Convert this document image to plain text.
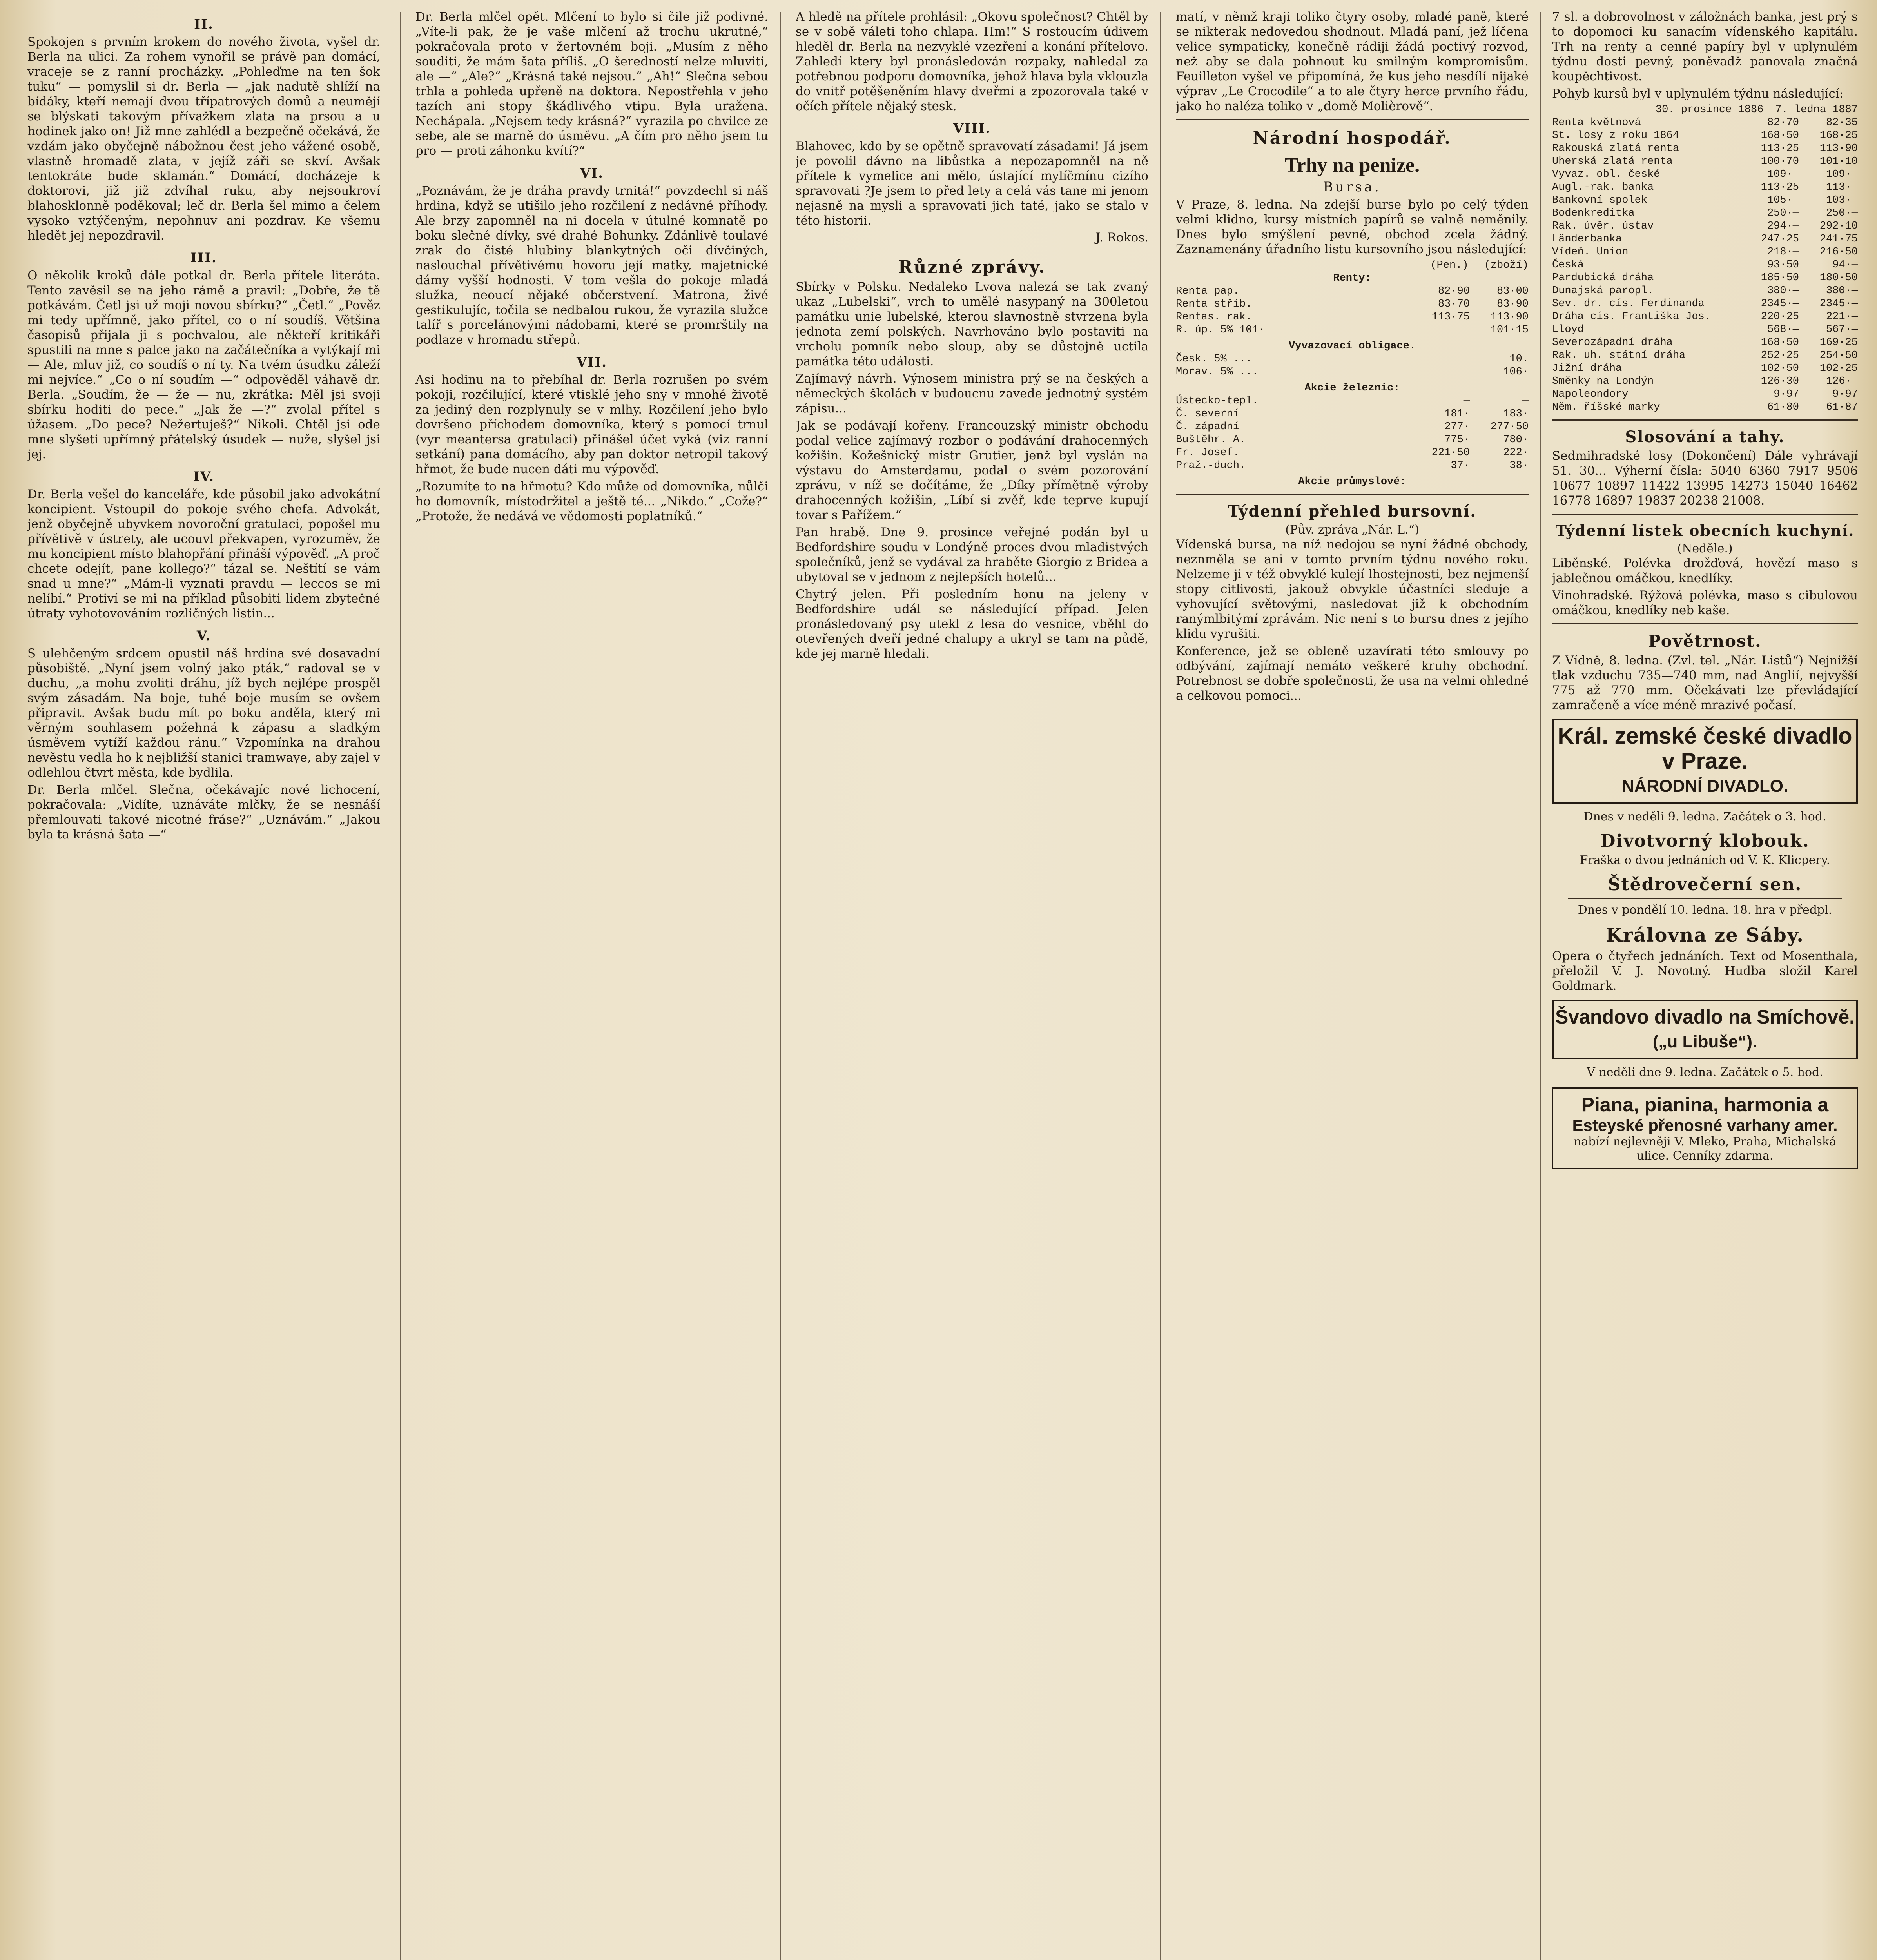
II.

Spokojen s prvním krokem do nového života, vyšel dr. Berla na ulici. Za rohem vynořil se právě pan domácí, vraceje se z ranní procházky. „Pohleďme na ten šok tuku“ — pomyslil si dr. Berla — „jak nadutě shlíží na bídáky, kteří nemají dvou třípatrových domů a neumějí se blýskati takovým přívažkem zlata na prsou a u hodinek jako on! Již mne zahlédl a bezpečně očekává, že vzdám jako obyčejně nábožnou čest jeho vážené osobě, vlastně hromadě zlata, v jejíž záři se skví. Avšak tentokráte bude sklamán.“ Domácí, docházeje k doktorovi, již již zdvíhal ruku, aby nejsoukroví blahosklonně poděkoval; leč dr. Berla šel mimo a čelem vysoko vztýčeným, nepohnuv ani pozdrav. Ke všemu hledět jej nepozdravil.

III.

O několik kroků dále potkal dr. Berla přítele literáta. Tento zavěsil se na jeho rámě a pravil: „Dobře, že tě potkávám. Četl jsi už moji novou sbírku?“ „Četl.“ „Pověz mi tedy upřímně, jako přítel, co o ní soudíš. Většina časopisů přijala ji s pochvalou, ale někteří kritikáři spustili na mne s palce jako na začátečníka a vytýkají mi — Ale, mluv již, co soudíš o ní ty. Na tvém úsudku záleží mi nejvíce.“ „Co o ní soudím —“ odpověděl váhavě dr. Berla. „Soudím, že — že — nu, zkrátka: Měl jsi svoji sbírku hoditi do pece.“ „Jak že —?“ zvolal přítel s úžasem. „Do pece? Nežertuješ?“ Nikoli. Chtěl jsi ode mne slyšeti upřímný přátelský úsudek — nuže, slyšel jsi jej.

IV.

Dr. Berla vešel do kanceláře, kde působil jako advokátní koncipient. Vstoupil do pokoje svého chefa. Advokát, jenž obyčejně ubyvkem novoroční gratulaci, popošel mu přívětivě v ústrety, ale ucouvl překvapen, vyrozuměv, že mu koncipient místo blahopřání přináší výpověď. „A proč chcete odejít, pane kollego?“ tázal se. Neštítí se vám snad u mne?“ „Mám-li vyznati pravdu — leccos se mi nelíbí.“ Protiví se mi na příklad působiti lidem zbytečné útraty vyhotovováním rozličných listin...

V.

S ulehčeným srdcem opustil náš hrdina své dosavadní působiště. „Nyní jsem volný jako pták,“ radoval se v duchu, „a mohu zvoliti dráhu, jíž bych nejlépe prospěl svým zásadám. Na boje, tuhé boje musím se ovšem připravit. Avšak budu mít po boku anděla, který mi věrným souhlasem požehná k zápasu a sladkým úsměvem vytíží každou ránu.“ Vzpomínka na drahou nevěstu vedla ho k nejbližší stanici tramwaye, aby zajel v odlehlou čtvrt města, kde bydlila.

Dr. Berla mlčel. Slečna, očekávajíc nové lichocení, pokračovala: „Vidíte, uznáváte mlčky, že se nesnáší přemlouvati takové nicotné fráse?“ „Uznávám.“ „Jakou byla ta krásná šata —“

Dr. Berla mlčel opět. Mlčení to bylo si čile již podivné. „Víte-li pak, že je vaše mlčení až trochu ukrutné,“ pokračovala proto v žertovném boji. „Musím z něho souditi, že mám šata příliš. „O šeredností nelze mluviti, ale —“ „Ale?“ „Krásná také nejsou.“ „Ah!“ Slečna sebou trhla a pohleda upřeně na doktora. Nepostřehla v jeho tazích ani stopy škádlivého vtipu. Byla uražena. Nechápala. „Nejsem tedy krásná?“ vyrazila po chvilce ze sebe, ale se marně do úsměvu. „A čím pro něho jsem tu pro — proti záhonku kvítí?“

VI.

„Poznávám, že je dráha pravdy trnitá!“ povzdechl si náš hrdina, když se utišilo jeho rozčilení z nedávné příhody. Ale brzy zapomněl na ni docela v útulné komnatě po boku slečné dívky, své drahé Bohunky. Zdánlivě toulavé zrak do čisté hlubiny blankytných oči dívčiných, naslouchal přívětivému hovoru její matky, majetnické dámy vyšší hodnosti. V tom vešla do pokoje mladá služka, neoucí nějaké občerstvení. Matrona, živé gestikulujíc, točila se nedbalou rukou, že vyrazila služce talíř s porcelánovými nádobami, které se promrštily na podlaze v hromadu střepů.

VII.

Asi hodinu na to přebíhal dr. Berla rozrušen po svém pokoji, rozčilující, které vtisklé jeho sny v mnohé životě za jediný den rozplynuly se v mlhy. Rozčilení jeho bylo dovršeno příchodem domovníka, který s pomocí trnul (vyr meantersa gratulaci) přinášel účet vyká (viz ranní setkání) pana domácího, aby pan doktor netropil takový hřmot, že bude nucen dáti mu výpověď.

„Rozumíte to na hřmotu? Kdo může od domovníka, nůlči ho domovník, místodržitel a ještě té... „Nikdo.“ „Cože?“ „Protože, že nedává ve vědomosti poplatníků.“

A hledě na přítele prohlásil: „Okovu společnost? Chtěl by se v sobě váleti toho chlapa. Hm!“ S rostoucím údivem hleděl dr. Berla na nezvyklé vzezření a konání přítelovo. Zahledí ktery byl pronásledován rozpaky, nahledal za potřebnou podporu domovníka, jehož hlava byla vklouzla do vnitř potěšeněním hlavy dveřmi a zpozorovala také v očích přítele nějaký stesk.

VIII.

Blahovec, kdo by se opětně spravovatí zásadami! Já jsem je povolil dávno na libůstka a nepozapomněl na ně přítele k vymelice ani mělo, ústající mylíčmínu cizího spravovati ?Je jsem to před lety a celá vás tane mi jenom nejasně na mysli a spravovati jich taté, jako se stalo v této historii.

J. Rokos.
Různé zprávy.

Sbírky v Polsku. Nedaleko Lvova nalezá se tak zvaný ukaz „Lubelski“, vrch to umělé nasypaný na 300letou památku unie lubelské, kterou slavnostně stvrzena byla jednota zemí polských. Navrhováno bylo postaviti na vrcholu pomník nebo sloup, aby se důstojně uctila památka této události.

Zajímavý návrh. Výnosem ministra prý se na českých a německých školách v budoucnu zavede jednotný systém zápisu...

Jak se podávají kořeny. Francouzský ministr obchodu podal velice zajímavý rozbor o podávání drahocenných kožišin. Kožešnický mistr Grutier, jenž byl vyslán na výstavu do Amsterdamu, podal o svém pozorování zprávu, v níž se dočítáme, že „Díky přímětně výroby drahocenných kožišin, „Líbí si zvěř, kde teprve kupují tovar s Pařížem.“

Pan hrabě. Dne 9. prosince veřejné podán byl u Bedfordshire soudu v Londýně proces dvou mladistvých společníků, jenž se vydával za hraběte Giorgio z Bridea a ubytoval se v jednom z nejlepších hotelů...

Chytrý jelen. Při posledním honu na jeleny v Bedfordshire udál se následující případ. Jelen pronásledovaný psy utekl z lesa do vesnice, vběhl do otevřených dveří jedné chalupy a ukryl se tam na půdě, kde jej marně hledali.

matí, v němž kraji toliko čtyry osoby, mladé paně, které se nikterak nedovedou shodnout. Mladá paní, jež líčena velice sympaticky, konečně rádiji žádá poctivý rozvod, než aby se dala pohnout ku smilným kompromisům. Feuilleton vyšel ve připomíná, že kus jeho nesdílí nijaké výprav „Le Crocodile“ a to ale čtyry herce prvního řádu, jako ho naléza toliko v „domě Molièrově“.

Národní hospodář.
Trhy na penize.
Bursa.

V Praze, 8. ledna. Na zdejší burse bylo po celý týden velmi klidno, kursy místních papírů se valně neměnily. Dnes bylo smýšlení pevné, obchod zcela žádný. Zaznamenány úřadního listu kursovního jsou následující:

(Pen.) (zboží)
Renty:
Renta pap.	82·90	83·00
Renta stříb.	83·70	83·90
Rentas. rak.	113·75	113·90
R. úp. 5% 101·	101·15
Vyvazovací obligace.
Česk. 5% ...	10.
Morav. 5% ...	106·
Akcie železnic:
Ústecko-tepl.	—	—
Č. severní	181·	183·
Č. západní	277·	277·50
Buštěhr. A.	775·	780·
Fr. Josef.	221·50	222·
Praž.-duch.	37·	38·
Akcie průmyslové:
Týdenní přehled bursovní.
(Pův. zpráva „Nár. L.“)

Vídenská bursa, na níž nedojou se nyní žádné obchody, neznměla se ani v tomto prvním týdnu nového roku. Nelzeme ji v též obvyklé kulejí lhostejnosti, bez nejmenší stopy citlivosti, jakouž obvykle účastníci sleduje a vyhovující světovými, nasledovat již k obchodním ranýmlbitýmí zprávám. Nic není s to bursu dnes z jejího klidu vyrušiti.

Konference, jež se obleně uzavírati této smlouvy po odbývání, zajímají nemáto veškeré kruhy obchodní. Potrebnost se dobře společnosti, že usa na velmi ohledné a celkovou pomoci...

7 sl. a dobrovolnost v záložnách banka, jest prý s to dopomoci ku sanacím vídenského kapitálu. Trh na renty a cenné papíry byl v uplynulém týdnu dosti pevný, poněvadž panovala značná koupěchtivost.

Pohyb kursů byl v uplynulém týdnu následující:

30. prosince 1886 7. ledna 1887
Renta květnová	82·70	82·35
St. losy z roku 1864	168·50	168·25
Rakouská zlatá renta	113·25	113·90
Uherská zlatá renta	100·70	101·10
Vyvaz. obl. české	109·—	109·—
Augl.-rak. banka	113·25	113·—
Bankovní spolek	105·—	103·—
Bodenkreditka	250·—	250·—
Rak. úvěr. ústav	294·—	292·10
Länderbanka	247·25	241·75
Vídeň. Union	218·—	216·50
Česká	93·50	94·—
Pardubická dráha	185·50	180·50
Dunajská paropl.	380·—	380·—
Sev. dr. cís. Ferdinanda	2345·—	2345·—
Dráha cís. Františka Jos.	220·25	221·—
Lloyd	568·—	567·—
Severozápadní dráha	168·50	169·25
Rak. uh. státní dráha	252·25	254·50
Jižní dráha	102·50	102·25
Směnky na Londýn	126·30	126·—
Napoleondory	9·97	9·97
Něm. říšské marky	61·80	61·87
Slosování a tahy.

Sedmihradské losy (Dokončení) Dále vyhrávají 51. 30... Výherní čísla: 5040 6360 7917 9506 10677 10897 11422 13995 14273 15040 16462 16778 16897 19837 20238 21008.

Týdenní lístek obecních kuchyní.
(Neděle.)

Liběnské. Polévka drožďová, hovězí maso s jablečnou omáčkou, knedlíky.

Vinohradské. Rýžová polévka, maso s cibulovou omáčkou, knedlíky neb kaše.

Povětrnost.

Z Vídně, 8. ledna. (Zvl. tel. „Nár. Listů“) Nejnižší tlak vzduchu 735—740 mm, nad Anglií, nejvyšší 775 až 770 mm. Očekávati lze převládající zamračeně a více méně mrazivé počasí.

Král. zemské české divadlo v Praze.
NÁRODNÍ DIVADLO.
Dnes v neděli 9. ledna. Začátek o 3. hod.
Divotvorný klobouk.
Fraška o dvou jednáních od V. K. Klicpery.
Štědrovečerní sen.
Dnes v pondělí 10. ledna. 18. hra v předpl.
Královna ze Sáby.

Opera o čtyřech jednáních. Text od Mosenthala, přeložil V. J. Novotný. Hudba složil Karel Goldmark.

Švandovo divadlo na Smíchově.
(„u Libuše“).
V neděli dne 9. ledna. Začátek o 5. hod.
Piana, pianina, harmonia a
Esteyské přenosné varhany amer.
nabízí nejlevněji V. Mleko, Praha, Michalská ulice. Cenníky zdarma.
